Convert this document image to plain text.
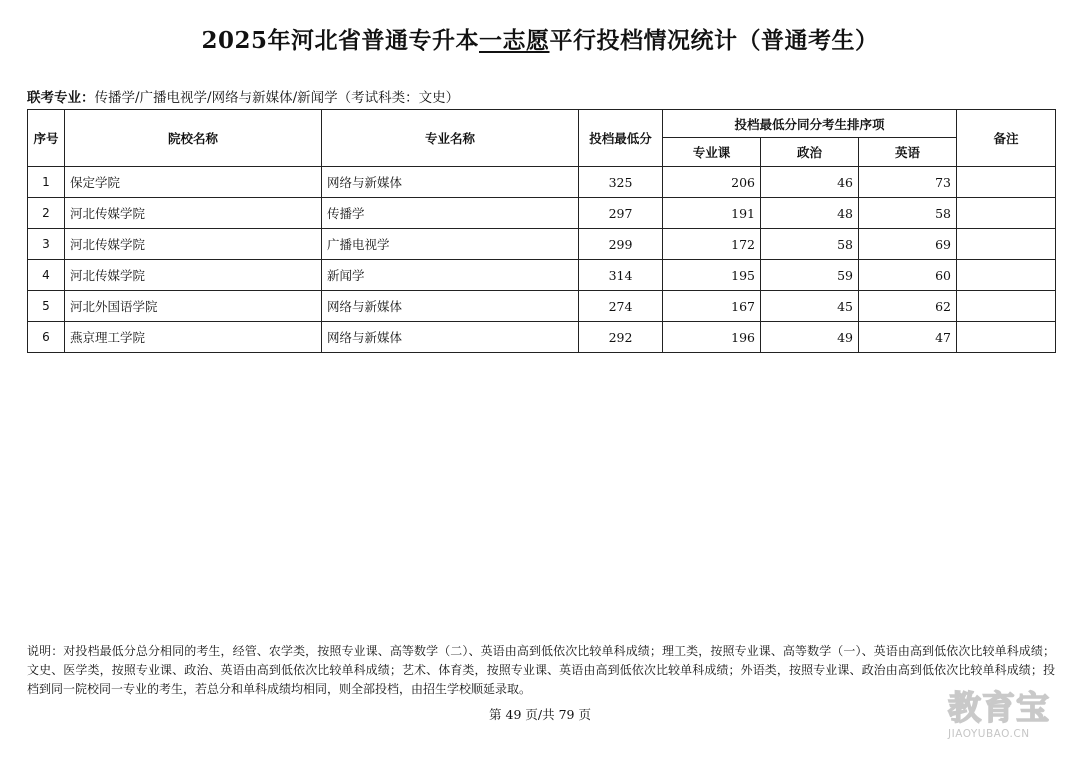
2025年河北省普通专升本一志愿平行投档情况统计（普通考生）
联考专业：传播学/广播电视学/网络与新媒体/新闻学（考试科类：文史）
序号	院校名称	专业名称	投档最低分	投档最低分同分考生排序项			备注
				专业课	政治	英语	
1	保定学院	网络与新媒体	325	206	46	73	
2	河北传媒学院	传播学	297	191	48	58	
3	河北传媒学院	广播电视学	299	172	58	69	
4	河北传媒学院	新闻学	314	195	59	60	
5	河北外国语学院	网络与新媒体	274	167	45	62	
6	燕京理工学院	网络与新媒体	292	196	49	47	
说明：对投档最低分总分相同的考生，经管、农学类，按照专业课、高等数学（二）、英语由高到低依次比较单科成绩；理工类，按照专业课、高等数学（一）、英语由高到低依次比较单科成绩；文史、医学类，按照专业课、政治、英语由高到低依次比较单科成绩；艺术、体育类，按照专业课、英语由高到低依次比较单科成绩；外语类，按照专业课、政治由高到低依次比较单科成绩；投档到同一院校同一专业的考生，若总分和单科成绩均相同，则全部投档，由招生学校顺延录取。
第 49 页/共 79 页	教育宝
JIAOYUBAO.CN
